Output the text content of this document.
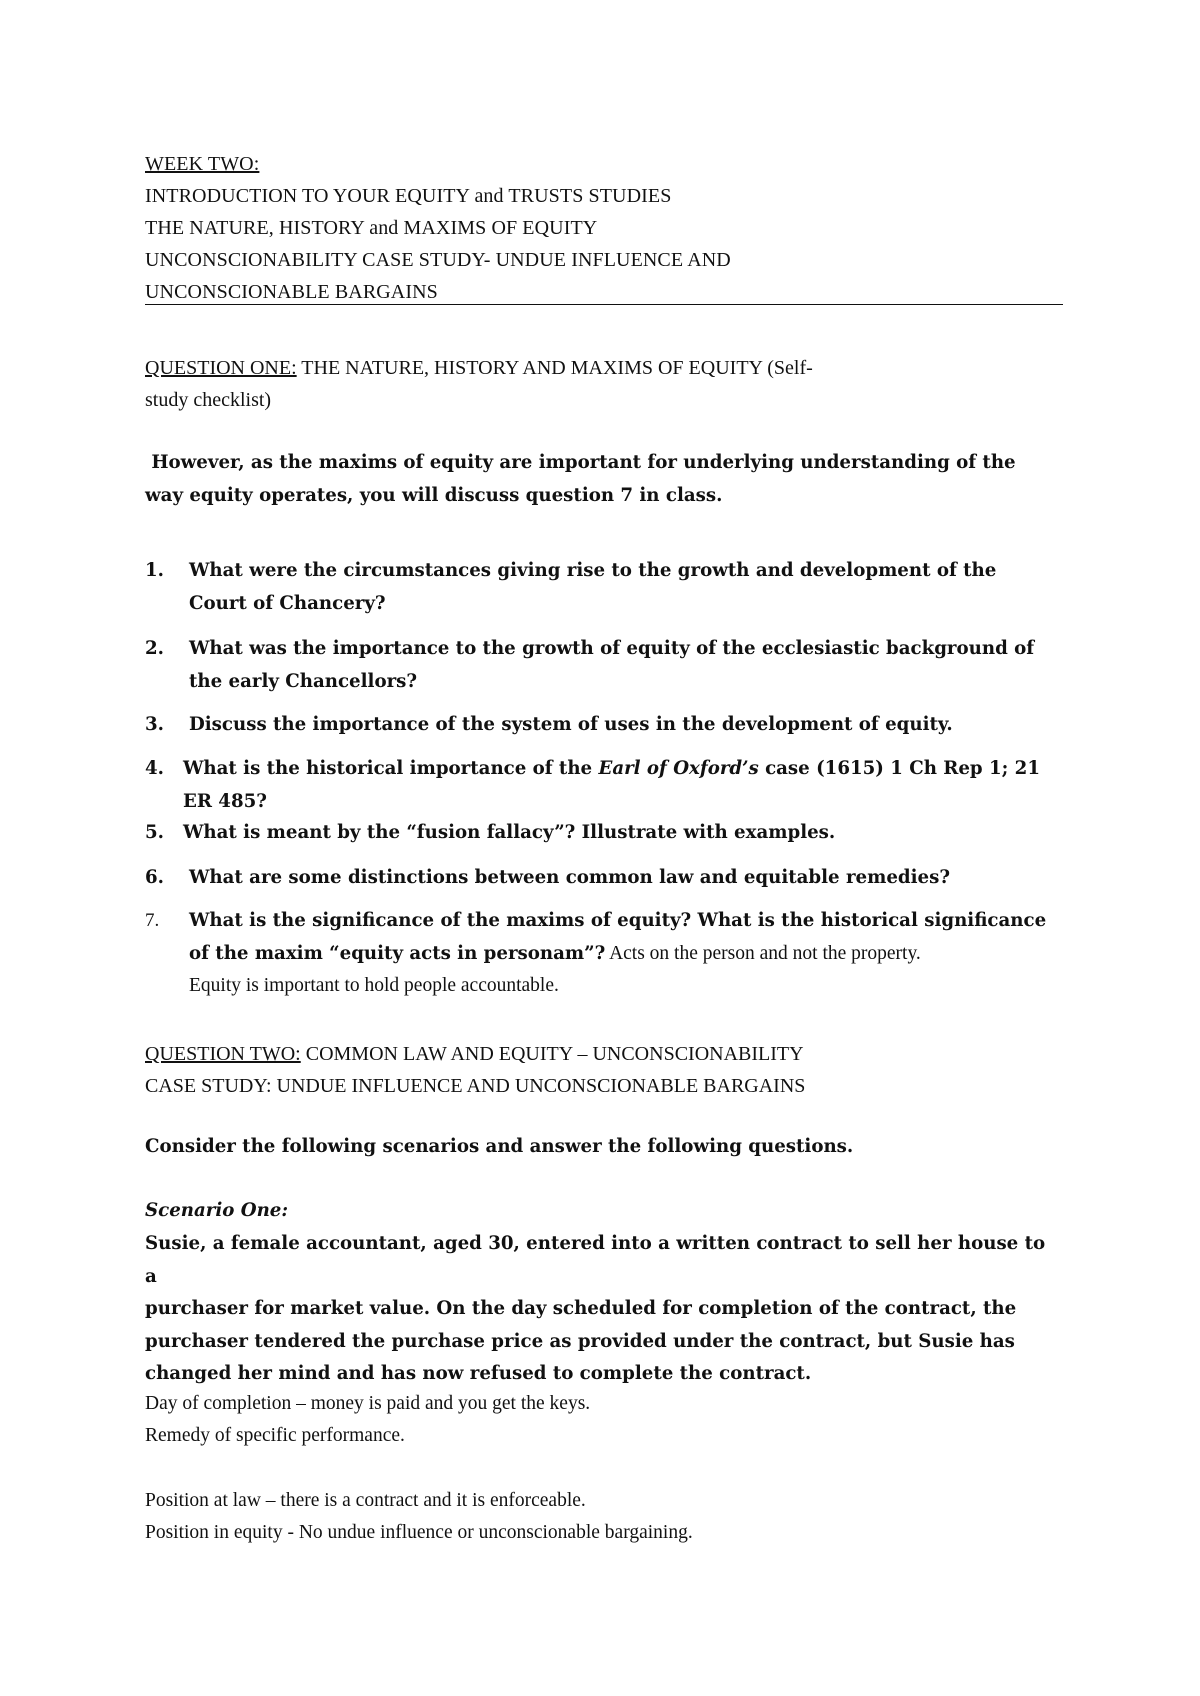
WEEK TWO:
INTRODUCTION TO YOUR EQUITY and TRUSTS STUDIES
THE NATURE, HISTORY and MAXIMS OF EQUITY
UNCONSCIONABILITY CASE STUDY- UNDUE INFLUENCE AND
UNCONSCIONABLE BARGAINS
QUESTION ONE: THE NATURE, HISTORY AND MAXIMS OF EQUITY (Self-
study checklist)
However, as the maxims of equity are important for underlying understanding of the
way equity operates, you will discuss question 7 in class.
1.	What were the circumstances giving rise to the growth and development of the
Court of Chancery?
2.	What was the importance to the growth of equity of the ecclesiastic background of
the early Chancellors?
3.	Discuss the importance of the system of uses in the development of equity.
4.	What is the historical importance of the Earl of Oxford’s case (1615) 1 Ch Rep 1; 21
ER 485?
5.	What is meant by the “fusion fallacy”? Illustrate with examples.
6.	What are some distinctions between common law and equitable remedies?
7.	What is the significance of the maxims of equity? What is the historical significance
of the maxim “equity acts in personam”? Acts on the person and not the property.
Equity is important to hold people accountable.
QUESTION TWO: COMMON LAW AND EQUITY – UNCONSCIONABILITY
CASE STUDY: UNDUE INFLUENCE AND UNCONSCIONABLE BARGAINS
Consider the following scenarios and answer the following questions.
Scenario One:
Susie, a female accountant, aged 30, entered into a written contract to sell her house to a
purchaser for market value. On the day scheduled for completion of the contract, the
purchaser tendered the purchase price as provided under the contract, but Susie has
changed her mind and has now refused to complete the contract.
Day of completion – money is paid and you get the keys.
Remedy of specific performance.
Position at law – there is a contract and it is enforceable.
Position in equity - No undue influence or unconscionable bargaining.
